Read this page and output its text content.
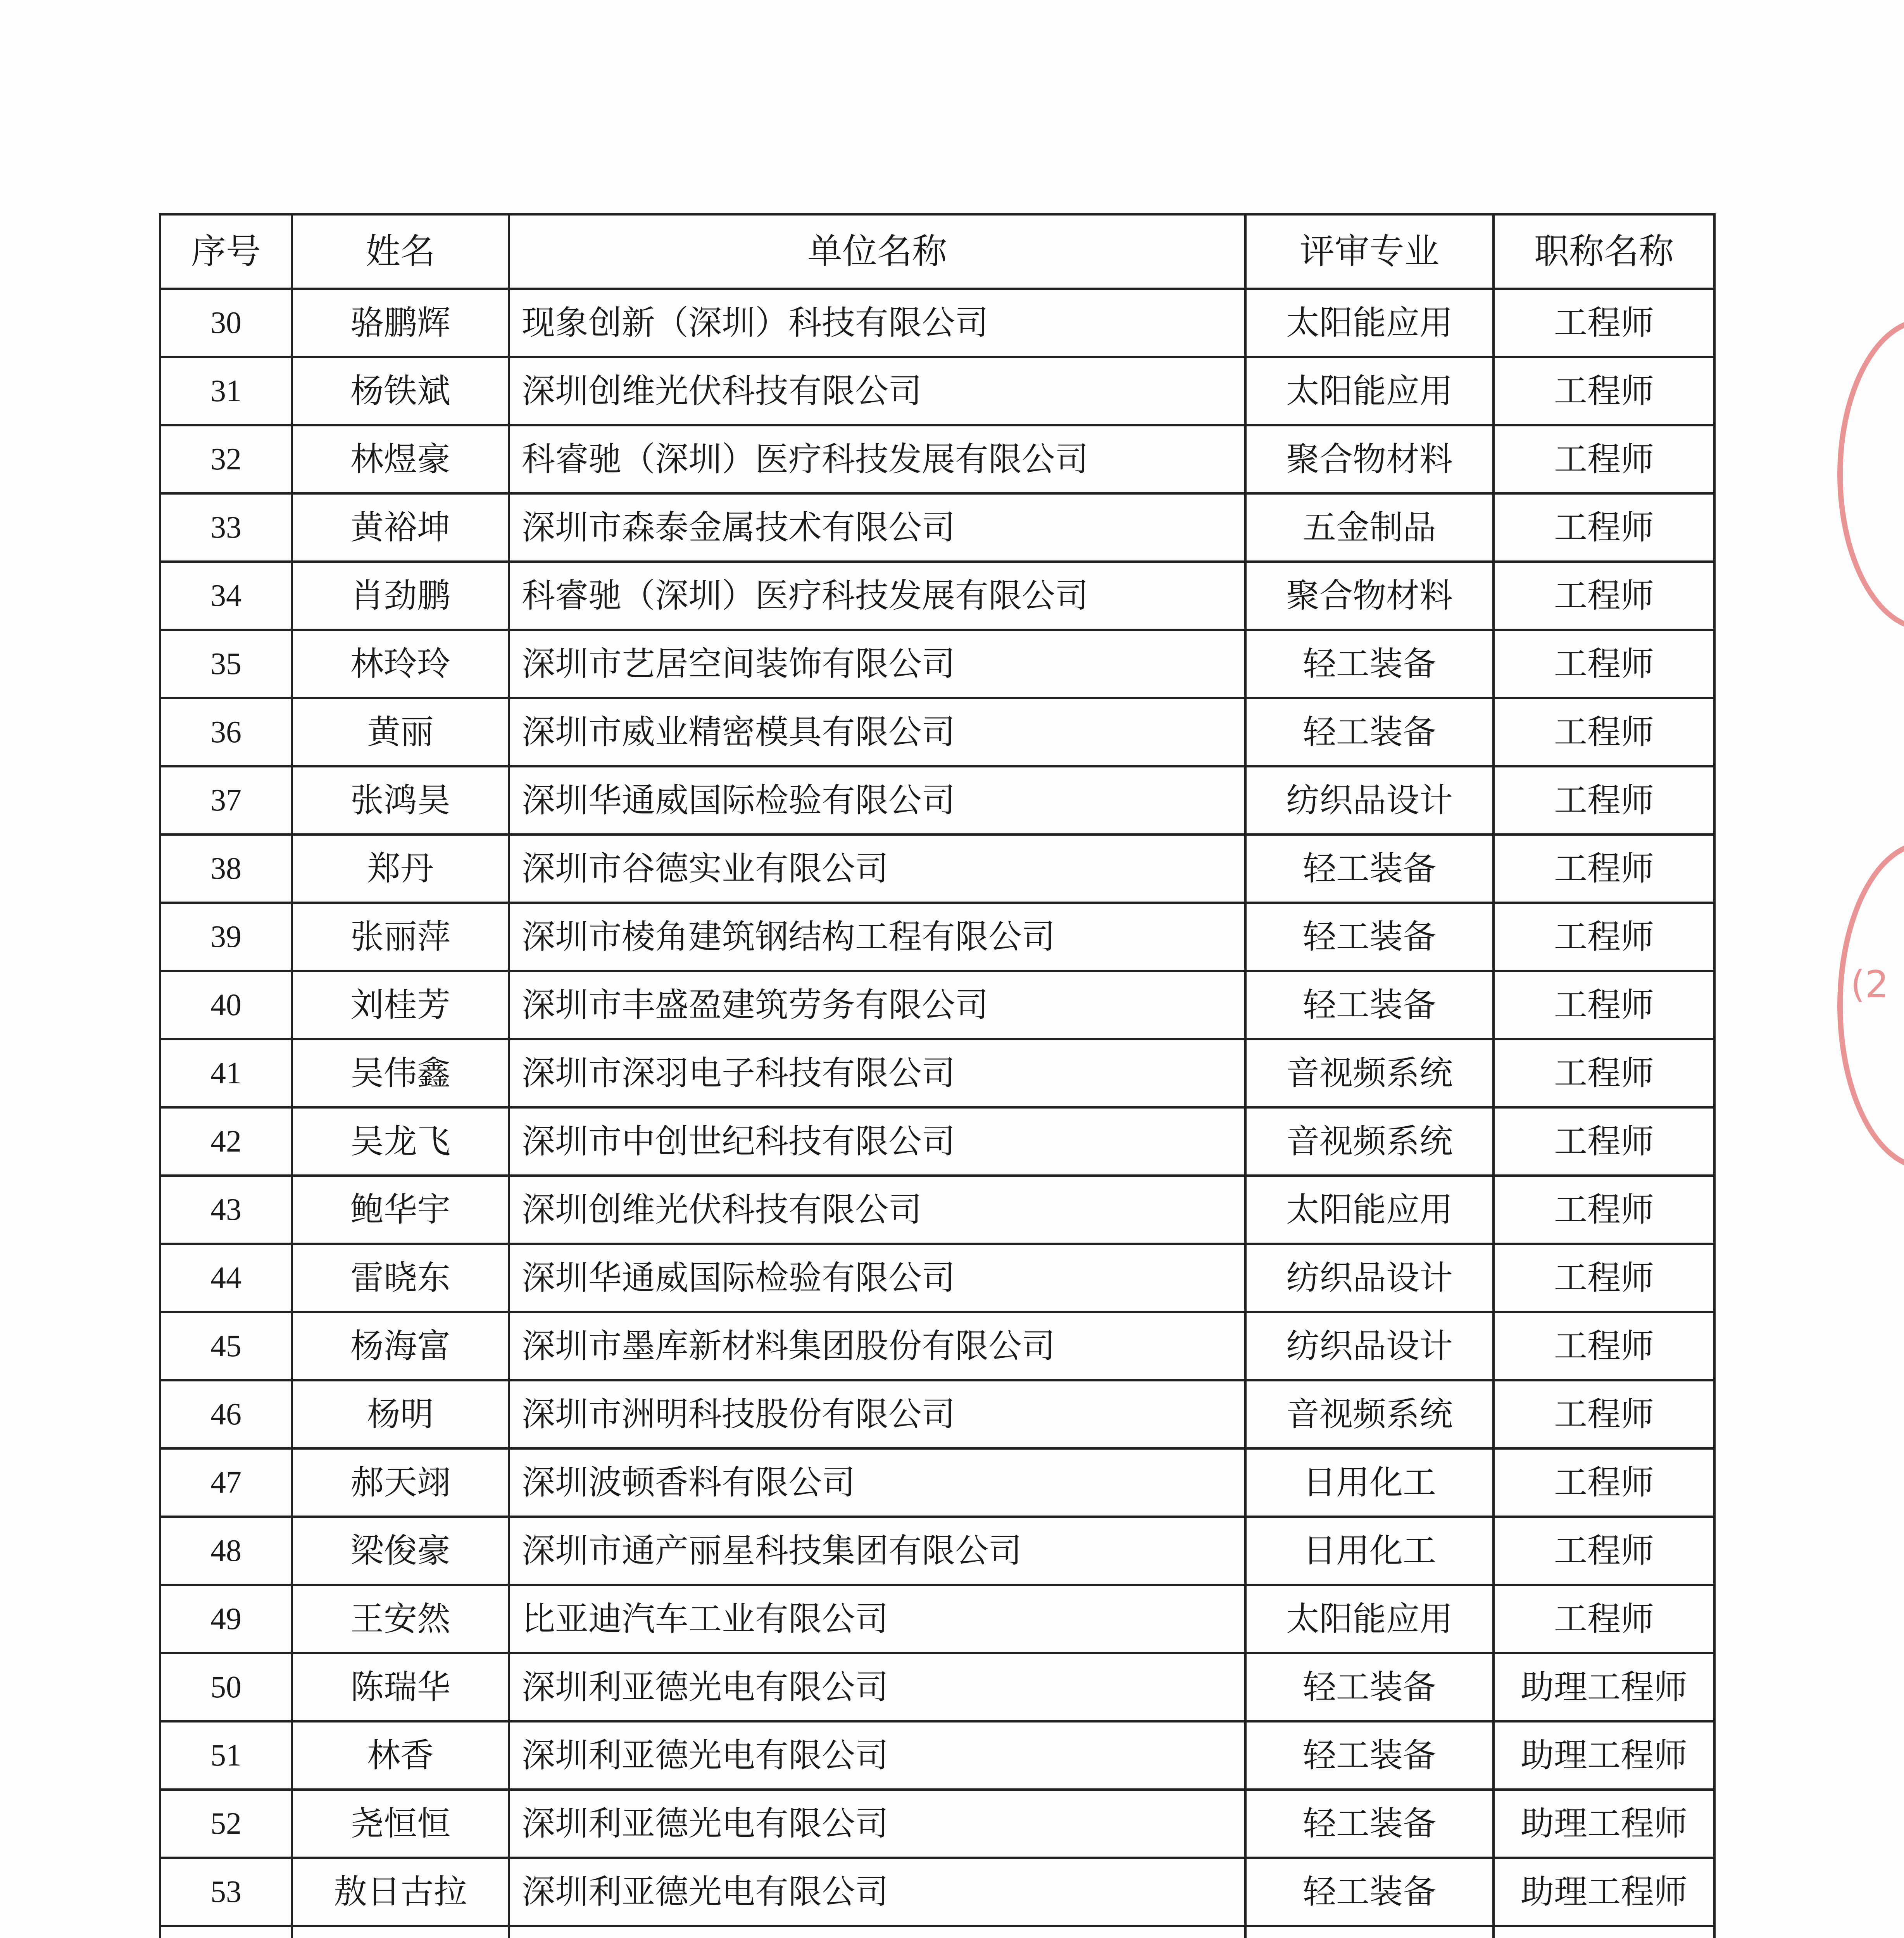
序号	姓名	单位名称	评审专业	职称名称
30	骆鹏辉	现象创新（深圳）科技有限公司	太阳能应用	工程师
31	杨铁斌	深圳创维光伏科技有限公司	太阳能应用	工程师
32	林煜豪	科睿驰（深圳）医疗科技发展有限公司	聚合物材料	工程师
33	黄裕坤	深圳市森泰金属技术有限公司	五金制品	工程师
34	肖劲鹏	科睿驰（深圳）医疗科技发展有限公司	聚合物材料	工程师
35	林玲玲	深圳市艺居空间装饰有限公司	轻工装备	工程师
36	黄丽	深圳市威业精密模具有限公司	轻工装备	工程师
37	张鸿昊	深圳华通威国际检验有限公司	纺织品设计	工程师
38	郑丹	深圳市谷德实业有限公司	轻工装备	工程师
39	张丽萍	深圳市棱角建筑钢结构工程有限公司	轻工装备	工程师
40	刘桂芳	深圳市丰盛盈建筑劳务有限公司	轻工装备	工程师
41	吴伟鑫	深圳市深羽电子科技有限公司	音视频系统	工程师
42	吴龙飞	深圳市中创世纪科技有限公司	音视频系统	工程师
43	鲍华宇	深圳创维光伏科技有限公司	太阳能应用	工程师
44	雷晓东	深圳华通威国际检验有限公司	纺织品设计	工程师
45	杨海富	深圳市墨库新材料集团股份有限公司	纺织品设计	工程师
46	杨明	深圳市洲明科技股份有限公司	音视频系统	工程师
47	郝天翊	深圳波顿香料有限公司	日用化工	工程师
48	梁俊豪	深圳市通产丽星科技集团有限公司	日用化工	工程师
49	王安然	比亚迪汽车工业有限公司	太阳能应用	工程师
50	陈瑞华	深圳利亚德光电有限公司	轻工装备	助理工程师
51	林香	深圳利亚德光电有限公司	轻工装备	助理工程师
52	尧恒恒	深圳利亚德光电有限公司	轻工装备	助理工程师
53	敖日古拉	深圳利亚德光电有限公司	轻工装备	助理工程师

(2
